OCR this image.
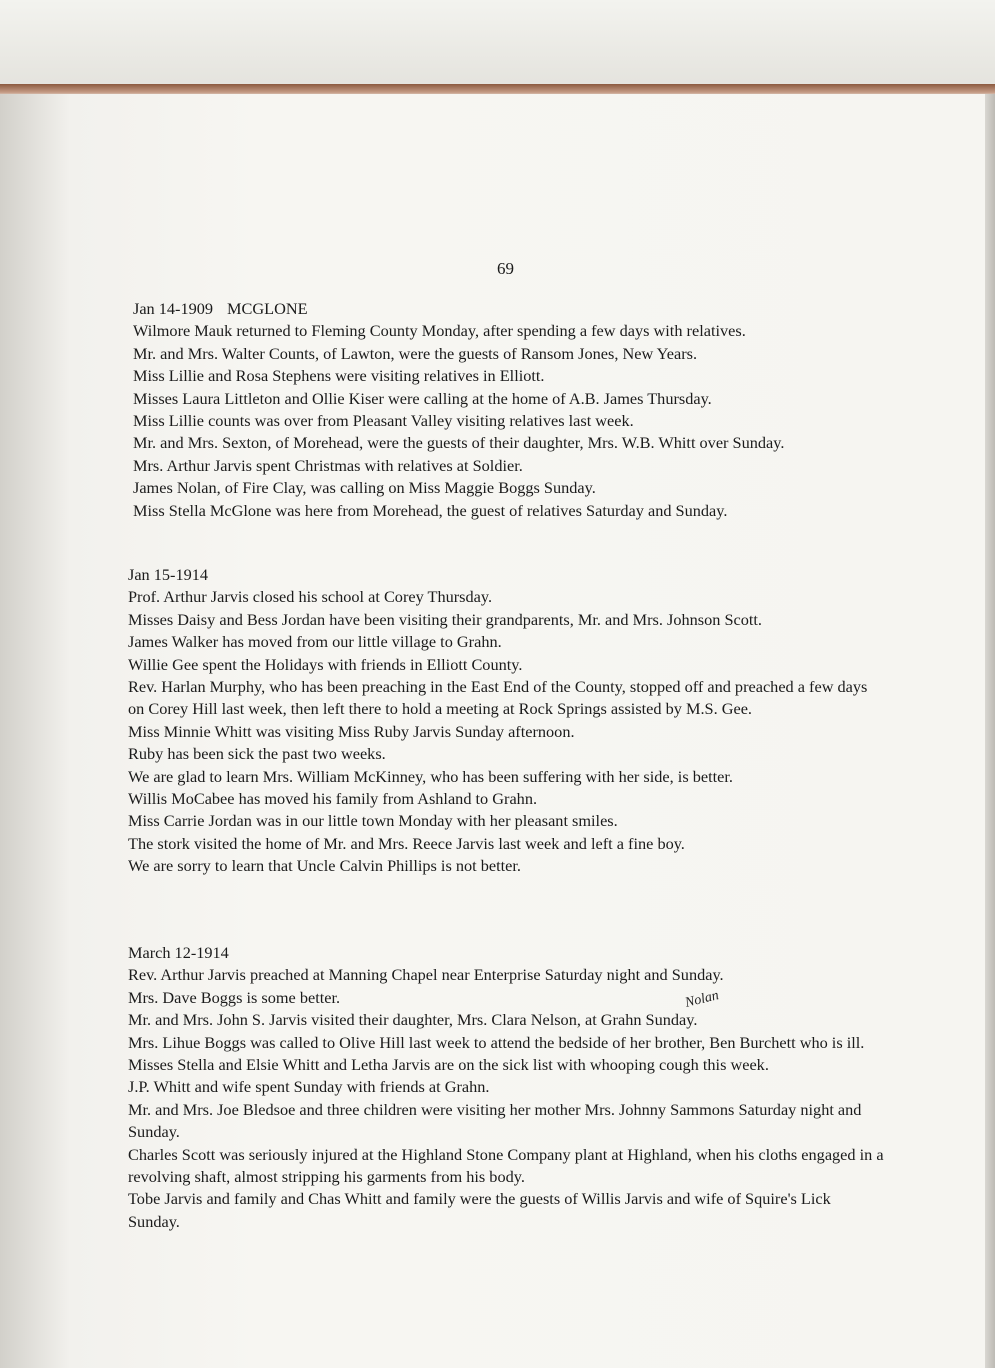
69
Nolan

Jan 14-1909 MCGLONE

Wilmore Mauk returned to Fleming County Monday, after spending a few days with relatives.

Mr. and Mrs. Walter Counts, of Lawton, were the guests of Ransom Jones, New Years.

Miss Lillie and Rosa Stephens were visiting relatives in Elliott.

Misses Laura Littleton and Ollie Kiser were calling at the home of A.B. James Thursday.

Miss Lillie counts was over from Pleasant Valley visiting relatives last week.

Mr. and Mrs. Sexton, of Morehead, were the guests of their daughter, Mrs. W.B. Whitt over Sunday.

Mrs. Arthur Jarvis spent Christmas with relatives at Soldier.

James Nolan, of Fire Clay, was calling on Miss Maggie Boggs Sunday.

Miss Stella McGlone was here from Morehead, the guest of relatives Saturday and Sunday.

Jan 15-1914

Prof. Arthur Jarvis closed his school at Corey Thursday.

Misses Daisy and Bess Jordan have been visiting their grandparents, Mr. and Mrs. Johnson Scott.

James Walker has moved from our little village to Grahn.

Willie Gee spent the Holidays with friends in Elliott County.

Rev. Harlan Murphy, who has been preaching in the East End of the County, stopped off and preached a few days on Corey Hill last week, then left there to hold a meeting at Rock Springs assisted by M.S. Gee.

Miss Minnie Whitt was visiting Miss Ruby Jarvis Sunday afternoon.

Ruby has been sick the past two weeks.

We are glad to learn Mrs. William McKinney, who has been suffering with her side, is better.

Willis MoCabee has moved his family from Ashland to Grahn.

Miss Carrie Jordan was in our little town Monday with her pleasant smiles.

The stork visited the home of Mr. and Mrs. Reece Jarvis last week and left a fine boy.

We are sorry to learn that Uncle Calvin Phillips is not better.

March 12-1914

Rev. Arthur Jarvis preached at Manning Chapel near Enterprise Saturday night and Sunday.

Mrs. Dave Boggs is some better.

Mr. and Mrs. John S. Jarvis visited their daughter, Mrs. Clara Nelson, at Grahn Sunday.

Mrs. Lihue Boggs was called to Olive Hill last week to attend the bedside of her brother, Ben Burchett who is ill.

Misses Stella and Elsie Whitt and Letha Jarvis are on the sick list with whooping cough this week.

J.P. Whitt and wife spent Sunday with friends at Grahn.

Mr. and Mrs. Joe Bledsoe and three children were visiting her mother Mrs. Johnny Sammons Saturday night and Sunday.

Charles Scott was seriously injured at the Highland Stone Company plant at Highland, when his cloths engaged in a revolving shaft, almost stripping his garments from his body.

Tobe Jarvis and family and Chas Whitt and family were the guests of Willis Jarvis and wife of Squire's Lick Sunday.
